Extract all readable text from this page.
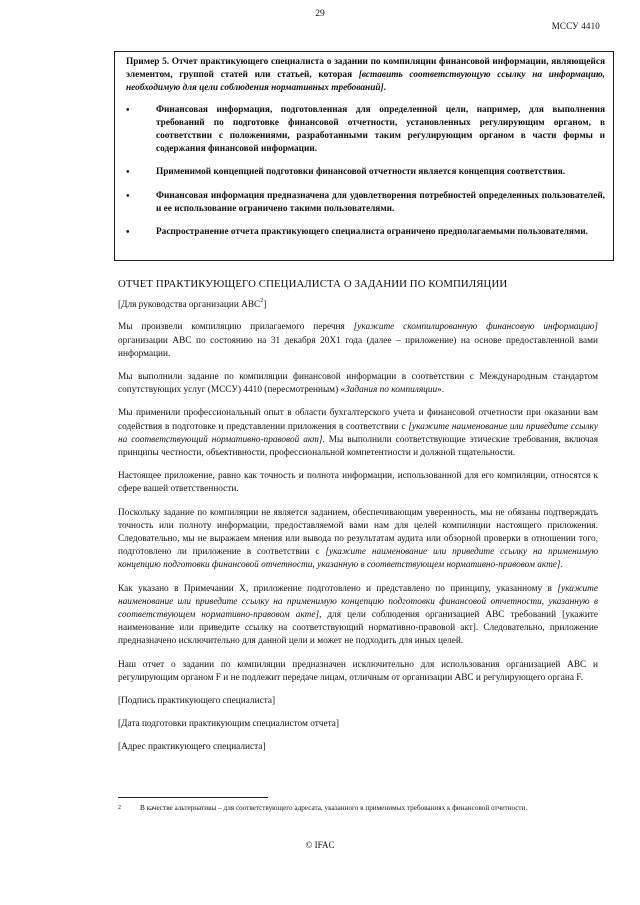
29
МССУ 4410

Пример 5. Отчет практикующего специалиста о задании по компиляции финансовой информации, являющейся элементом, группой статей или статьей, которая [вставить соответствующую ссылку на информацию, необходимую для цели соблюдения нормативных требований].

•	Финансовая информация, подготовленная для определенной цели, например, для выполнения требований по подготовке финансовой отчетности, установленных регулирующим органом, в соответствии с положениями, разработанными таким регулирующим органом в части формы и содержания финансовой информации.
•	Применимой концепцией подготовки финансовой отчетности является концепция соответствия.
•	Финансовая информация предназначена для удовлетворения потребностей определенных пользователей, и ее использование ограничено такими пользователями.
•	Распространение отчета практикующего специалиста ограничено предполагаемыми пользователями.

ОТЧЕТ ПРАКТИКУЮЩЕГО СПЕЦИАЛИСТА О ЗАДАНИИ ПО КОМПИЛЯЦИИ

[Для руководства организации АВС$^2$]

Мы произвели компиляцию прилагаемого перечня [укажите скомпилированную финансовую информацию] организации АВС по состоянию на 31 декабря 20Х1 года (далее – приложение) на основе предоставленной вами информации.

Мы выполнили задание по компиляции финансовой информации в соответствии с Международным стандартом сопутствующих услуг (МССУ) 4410 (пересмотренным) «Задания по компиляции».

Мы применили профессиональный опыт в области бухгалтерского учета и финансовой отчетности при оказании вам содействия в подготовке и представлении приложения в соответствии с [укажите наименование или приведите ссылку на соответствующий нормативно-правовой акт]. Мы выполнили соответствующие этические требования, включая принципы честности, объективности, профессиональной компетентности и должной тщательности.

Настоящее приложение, равно как точность и полнота информации, использованной для его компиляции, относятся к сфере вашей ответственности.

Поскольку задание по компиляции не является заданием, обеспечивающим уверенность, мы не обязаны подтверждать точность или полноту информации, предоставляемой вами нам для целей компиляции настоящего приложения. Следовательно, мы не выражаем мнения или вывода по результатам аудита или обзорной проверки в отношении того, подготовлено ли приложение в соответствии с [укажите наименование или приведите ссылку на применимую концепцию подготовки финансовой отчетности, указанную в соответствующем нормативно-правовом акте].

Как указано в Примечании Х, приложение подготовлено и представлено по принципу, указанному в [укажите наименование или приведите ссылку на применимую концепцию подготовки финансовой отчетности, указанную в соответствующем нормативно-правовом акте], для цели соблюдения организацией АВС требований [укажите наименование или приведите ссылку на соответствующий нормативно-правовой акт]. Следовательно, приложение предназначено исключительно для данной цели и может не подходить для иных целей.

Наш отчет о задании по компиляции предназначен исключительно для использования организацией АВС и регулирующим органом F и не подлежит передаче лицам, отличным от организации АВС и регулирующего органа F.

[Подпись практикующего специалиста]

[Дата подготовки практикующим специалистом отчета]

[Адрес практикующего специалиста]

2	В качестве альтернативы – для соответствующего адресата, указанного в применимых требованиях к финансовой отчетности.
© IFAC
